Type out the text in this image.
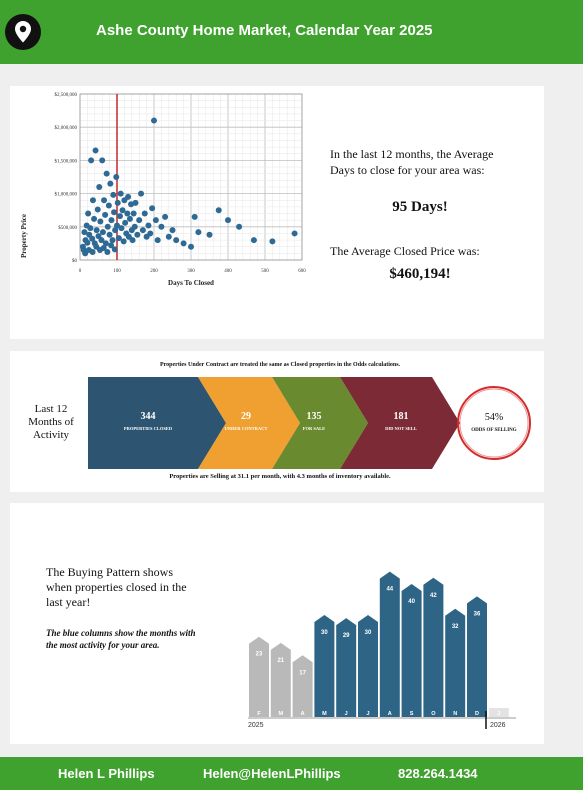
Ashe County Home Market, Calendar Year 2025
$0
$500,000
$1,000,000
$1,500,000
$2,000,000
$2,500,000
0	100	200	300	400	500	600
Property Price
Days To Closed
In the last 12 months, the Average Days to close for your area was:
95 Days!
The Average Closed Price was:
$460,194!
Properties Under Contract are treated the same as Closed properties in the Odds calculations.
Last 12 Months of Activity
344
PROPERTIES CLOSED
29
UNDER CONTRACT
135
FOR SALE
181
DID NOT SELL
54%
ODDS OF SELLING
Properties are Selling at 31.1 per month, with 4.3 months of inventory available.
The Buying Pattern shows when properties closed in the last year!
The blue columns show the months with the most activity for your area.
23
21
17
30
29
30
44
40
42
32
36
F	M	A	M	J	J	A	S	O	N	D	J
2025	2026
Helen L Phillips	Helen@HelenLPhillips	828.264.1434
